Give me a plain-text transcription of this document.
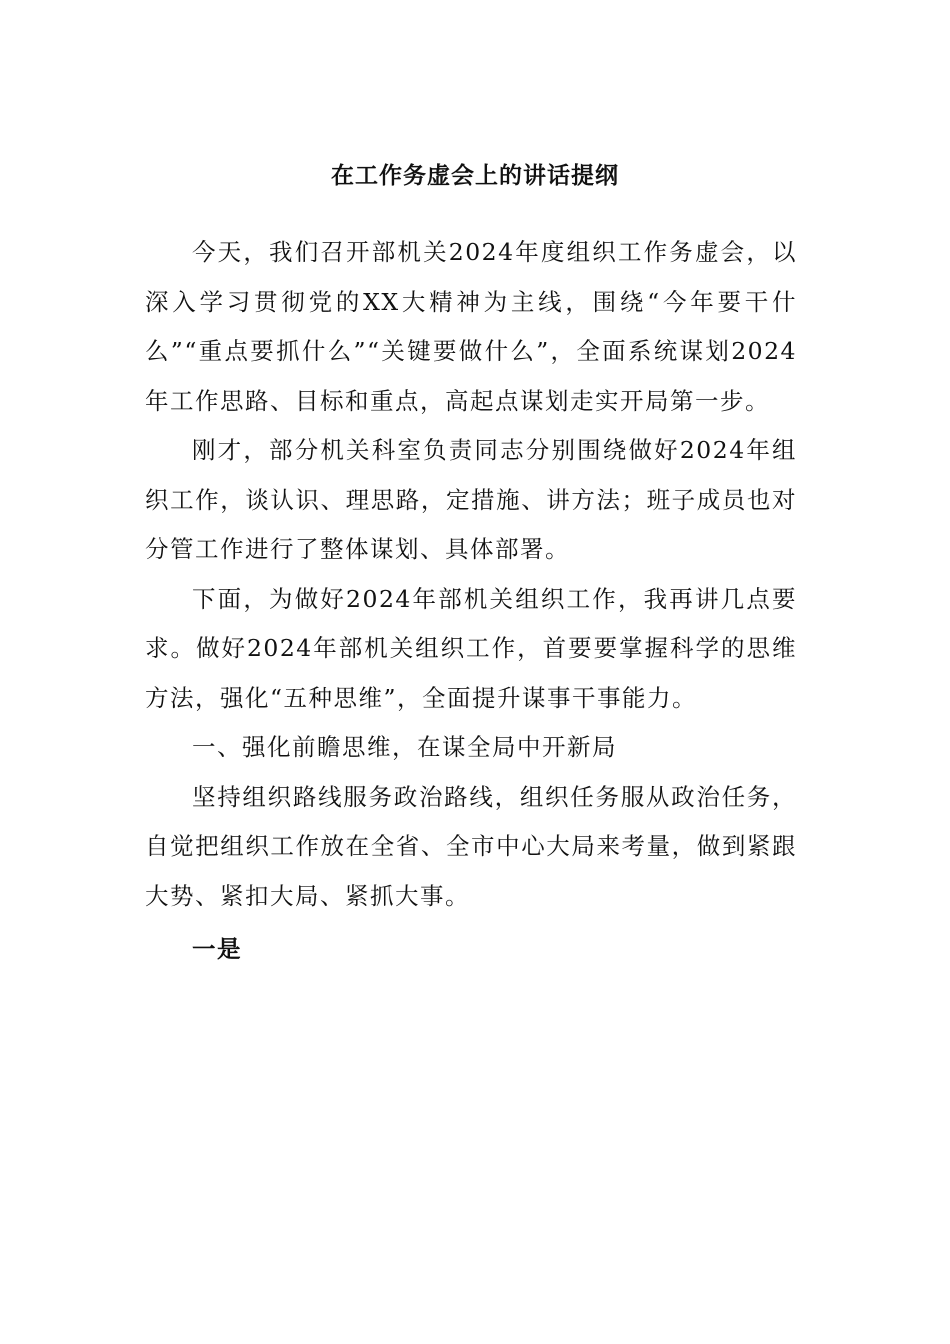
在工作务虚会上的讲话提纲

今天，我们召开部机关2024年度组织工作务虚会，以深入学习贯彻党的XX大精神为主线，围绕“今年要干什么”“重点要抓什么”“关键要做什么”，全面系统谋划2024年工作思路、目标和重点，高起点谋划走实开局第一步。

刚才，部分机关科室负责同志分别围绕做好2024年组织工作，谈认识、理思路，定措施、讲方法；班子成员也对分管工作进行了整体谋划、具体部署。

下面，为做好2024年部机关组织工作，我再讲几点要求。做好2024年部机关组织工作，首要要掌握科学的思维方法，强化“五种思维”，全面提升谋事干事能力。

一、强化前瞻思维，在谋全局中开新局

坚持组织路线服务政治路线，组织任务服从政治任务，自觉把组织工作放在全省、全市中心大局来考量，做到紧跟大势、紧扣大局、紧抓大事。

一是
